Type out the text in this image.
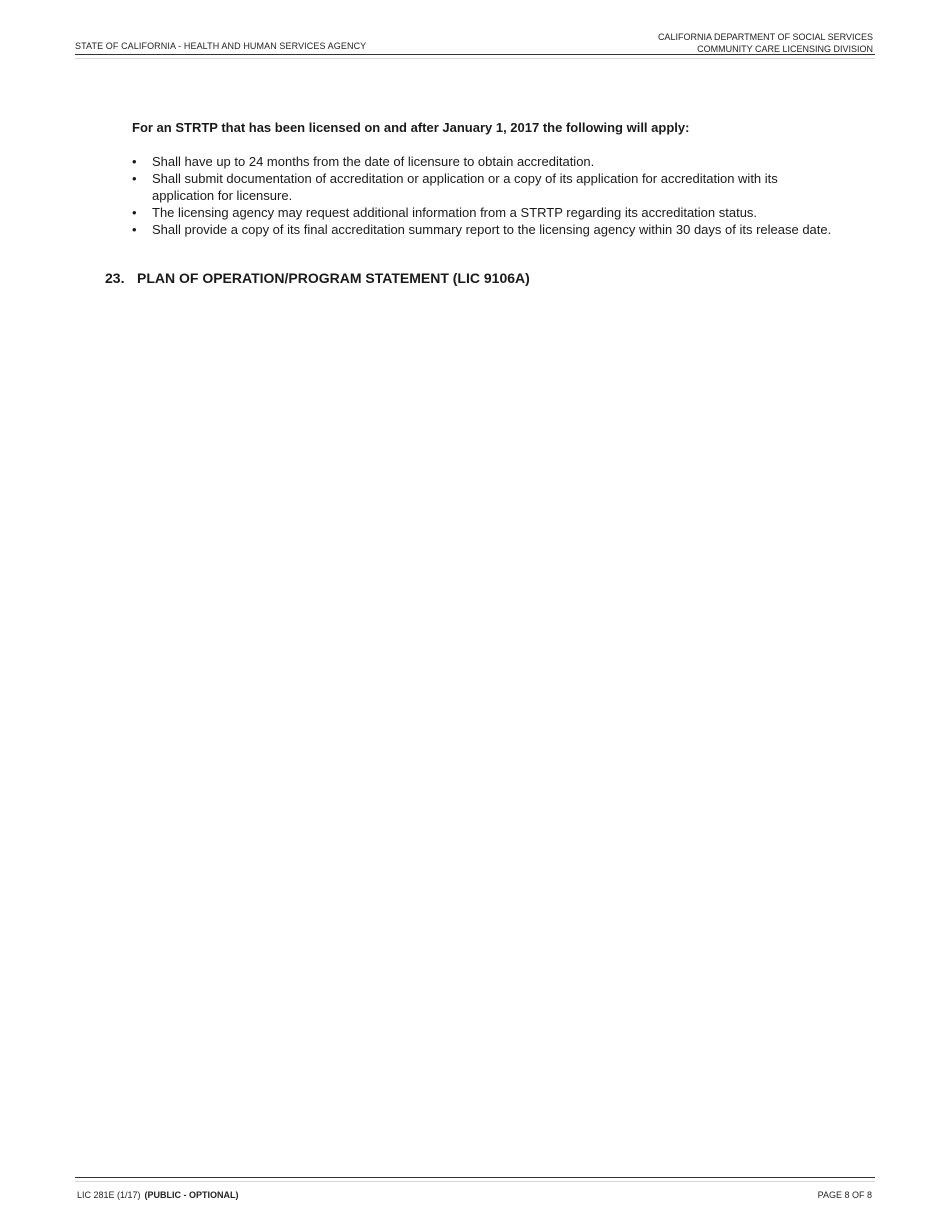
STATE OF CALIFORNIA - HEALTH AND HUMAN SERVICES AGENCY
CALIFORNIA DEPARTMENT OF SOCIAL SERVICES
COMMUNITY CARE LICENSING DIVISION
For an STRTP that has been licensed on and after January 1, 2017 the following will apply:
• Shall have up to 24 months from the date of licensure to obtain accreditation.
• Shall submit documentation of accreditation or application or a copy of its application for accreditation with its application for licensure.
• The licensing agency may request additional information from a STRTP regarding its accreditation status.
• Shall provide a copy of its final accreditation summary report to the licensing agency within 30 days of its release date.
23. PLAN OF OPERATION/PROGRAM STATEMENT (LIC 9106A)
LIC 281E (1/17) (PUBLIC - OPTIONAL)	PAGE 8 OF 8
